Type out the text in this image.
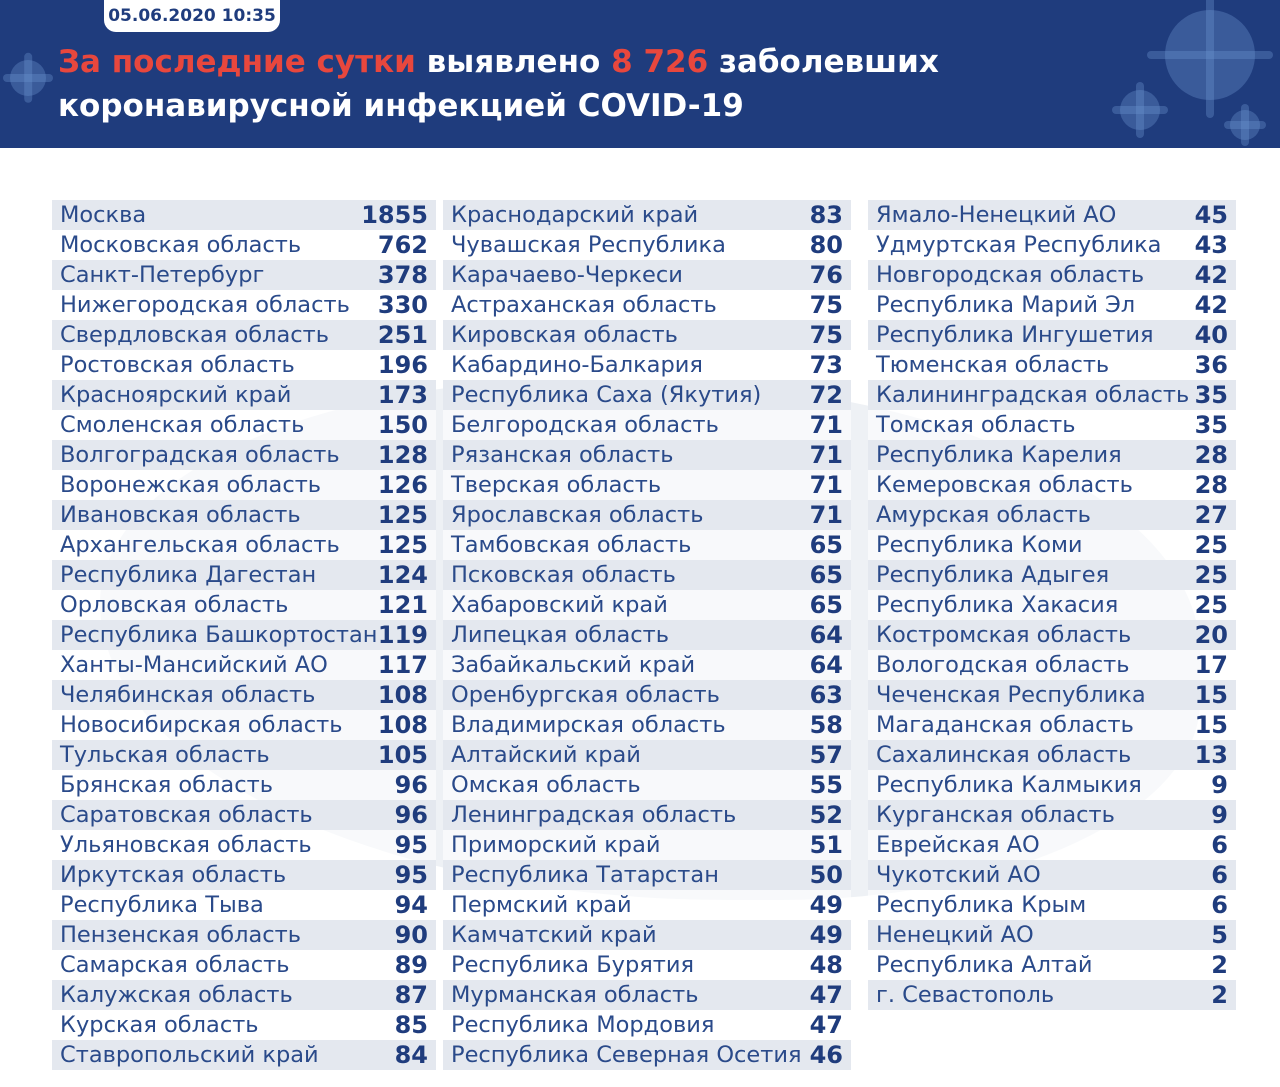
05.06.2020 10:35
За последние сутки выявлено 8 726 заболевших
коронавирусной инфекцией COVID-19
Москва	1855
Московская область	762
Санкт-Петербург	378
Нижегородская область 330
Свердловская область 251
Ростовская область	196
Красноярский край	173
Смоленская область	150
Волгоградская область 128
Воронежская область 126
Ивановская область	125
Архангельская область 125
Республика Дагестан	124
Орловская область	121
Республика Башкортостан 119
Ханты-Мансийский АО 117
Челябинская область	108
Новосибирская область 108
Тульская область	105
Брянская область	96
Саратовская область	96
Ульяновская область	95
Иркутская область	95
Республика Тыва	94
Пензенская область	90
Самарская область	89
Калужская область	87
Курская область	85
Ставропольский край	84
Краснодарский край	83
Чувашская Республика	80
Карачаево-Черкеси	76
Астраханская область	75
Кировская область	75
Кабардино-Балкария	73
Республика Саха (Якутия) 72
Белгородская область	71
Рязанская область	71
Тверская область	71
Ярославская область	71
Тамбовская область	65
Псковская область	65
Хабаровский край	65
Липецкая область	64
Забайкальский край	64
Оренбургская область	63
Владимирская область	58
Алтайский край	57
Омская область	55
Ленинградская область	52
Приморский край	51
Республика Татарстан	50
Пермский край	49
Камчатский край	49
Республика Бурятия	48
Мурманская область	47
Республика Мордовия	47
Республика Северная Осетия 46
Ямало-Ненецкий АО	45
Удмуртская Республика 43
Новгородская область 42
Республика Марий Эл 42
Республика Ингушетия 40
Тюменская область	36
Калининградская область 35
Томская область	35
Республика Карелия	28
Кемеровская область	28
Амурская область	27
Республика Коми	25
Республика Адыгея	25
Республика Хакасия	25
Костромская область	20
Вологодская область	17
Чеченская Республика 15
Магаданская область	15
Сахалинская область	13
Республика Калмыкия	9
Курганская область	9
Еврейская АО	6
Чукотский АО	6
Республика Крым	6
Ненецкий АО	5
Республика Алтай	2
г. Севастополь	2
